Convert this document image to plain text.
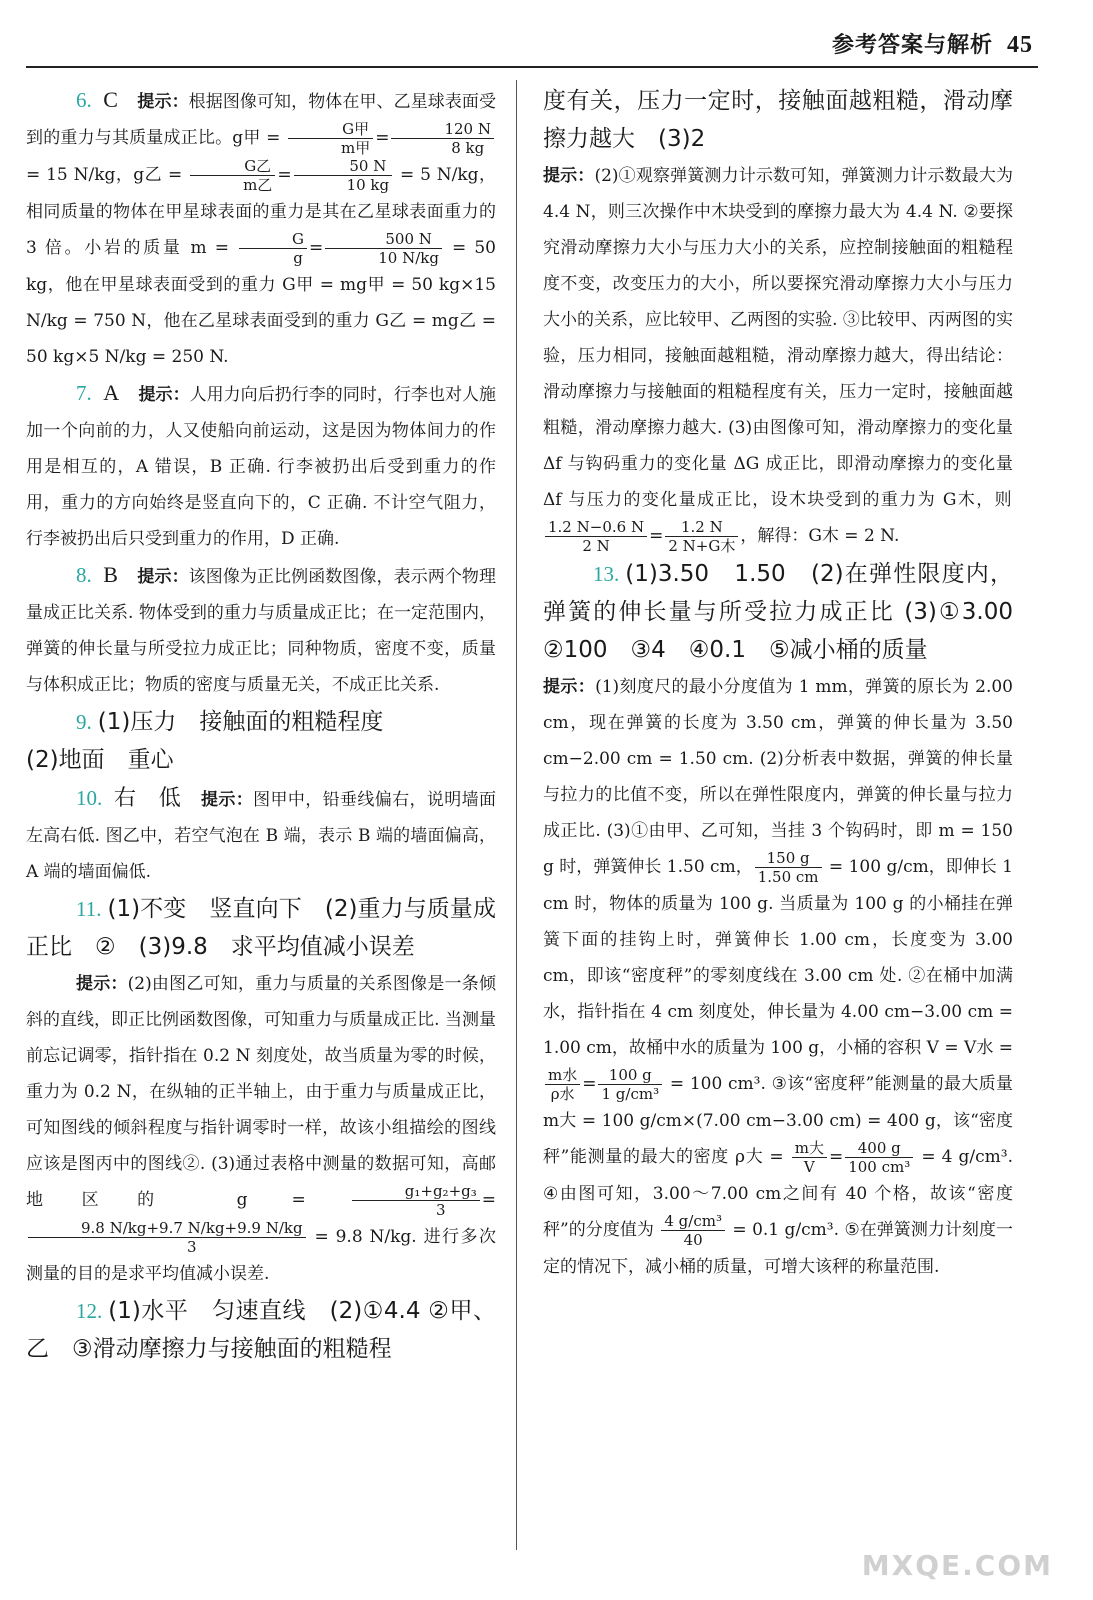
参考答案与解析 45

6. C 提示：根据图像可知，物体在甲、乙星球表面受到的重力与其质量成正比。g甲 = $\frac{\text{G甲}}{\text{m甲}} = \frac{120 N}{8 kg}$
= 15 N/kg，g乙 = $\frac{\text{G乙}}{\text{m乙}} = \frac{50 N}{10 kg} = 5$ N/kg，相同质量的物体在甲星球表面的重力是其在乙星球表面重力的 3 倍。小岩的质量 $m = \frac{G}{g} = \frac{500 N}{10 N/kg} = 50$ kg，他在甲星球表面受到的重力 G甲 = mg甲 = 50 kg×15 N/kg = 750 N，他在乙星球表面受到的重力 G乙 = mg乙 = 50 kg×5 N/kg = 250 N.

7. A 提示：人用力向后扔行李的同时，行李也对人施加一个向前的力，人又使船向前运动，这是因为物体间力的作用是相互的，A 错误，B 正确. 行李被扔出后受到重力的作用，重力的方向始终是竖直向下的，C 正确. 不计空气阻力，行李被扔出后只受到重力的作用，D 正确.

8. B 提示：该图像为正比例函数图像，表示两个物理量成正比关系. 物体受到的重力与质量成正比；在一定范围内，弹簧的伸长量与所受拉力成正比；同种物质，密度不变，质量与体积成正比；物质的密度与质量无关，不成正比关系.

9. (1)压力　接触面的粗糙程度

(2)地面　重心

10. 右　低 提示：图甲中，铅垂线偏右，说明墙面左高右低. 图乙中，若空气泡在 B 端，表示 B 端的墙面偏高，A 端的墙面偏低.

11. (1)不变　竖直向下　(2)重力与质量成正比　②　(3)9.8　求平均值减小误差

提示：(2)由图乙可知，重力与质量的关系图像是一条倾斜的直线，即正比例函数图像，可知重力与质量成正比. 当测量前忘记调零，指针指在 0.2 N 刻度处，故当质量为零的时候，重力为 0.2 N，在纵轴的正半轴上，由于重力与质量成正比，可知图线的倾斜程度与指针调零时一样，故该小组描绘的图线应该是图丙中的图线②. (3)通过表格中测量的数据可知，高邮地区的 $g = \frac{\text{g₁+g₂+g₃}}{3}$ =
$\frac{9.8 N/kg+9.7 N/kg+9.9 N/kg}{3} = 9.8$ N/kg. 进行多次测量的目的是求平均值减小误差.

12. (1)水平　匀速直线　(2)①4.4 ②甲、乙　③滑动摩擦力与接触面的粗糙程

度有关，压力一定时，接触面越粗糙，滑动摩擦力越大　(3)2

提示：(2)①观察弹簧测力计示数可知，弹簧测力计示数最大为 4.4 N，则三次操作中木块受到的摩擦力最大为 4.4 N. ②要探究滑动摩擦力大小与压力大小的关系，应控制接触面的粗糙程度不变，改变压力的大小，所以要探究滑动摩擦力大小与压力大小的关系，应比较甲、乙两图的实验. ③比较甲、丙两图的实验，压力相同，接触面越粗糙，滑动摩擦力越大，得出结论：滑动摩擦力与接触面的粗糙程度有关，压力一定时，接触面越粗糙，滑动摩擦力越大. (3)由图像可知，滑动摩擦力的变化量 Δf 与钩码重力的变化量 ΔG 成正比，即滑动摩擦力的变化量 Δf 与压力的变化量成正比，设木块受到的重力为 G木，则
$\frac{1.2 N-0.6 N}{2 N} = \frac{1.2 N}{\text{2 N+G木}}$ ，解得：G木 = 2 N.

13. (1)3.50　1.50　(2)在弹性限度内，弹簧的伸长量与所受拉力成正比 (3)①3.00　②100　③4　④0.1　⑤减小桶的质量

提示：(1)刻度尺的最小分度值为 1 mm，弹簧的原长为 2.00 cm，现在弹簧的长度为 3.50 cm，弹簧的伸长量为 3.50 cm−2.00 cm = 1.50 cm. (2)分析表中数据，弹簧的伸长量与拉力的比值不变，所以在弹性限度内，弹簧的伸长量与拉力成正比. (3)①由甲、乙可知，当挂 3 个钩码时，即 m = 150 g 时，弹簧伸长 1.50 cm， $\frac{150 g}{1.50 cm} = 100$ g/cm，即伸长 1 cm 时，物体的质量为 100 g. 当质量为 100 g 的小桶挂在弹簧下面的挂钩上时，弹簧伸长 1.00 cm，长度变为 3.00 cm，即该“密度秤”的零刻度线在 3.00 cm 处. ②在桶中加满水，指针指在 4 cm 刻度处，伸长量为 4.00 cm−3.00 cm = 1.00 cm，故桶中水的质量为 100 g，小桶的容积 V = V水 =
$\frac{\text{m水}}{\text{ρ水}} = \frac{100 g}{\text{1 g/cm³}} = 100$ cm³. ③该“密度秤”能测量的最大质量 m大 = 100 g/cm×(7.00 cm−3.00 cm) = 400 g，该“密度秤”能测量的最大的密度 ρ大 = $\frac{\text{m大}}{V} = \frac{400 g}{\text{100 cm³}} = 4$ g/cm³. ④由图可知，3.00～7.00 cm之间有 40 个格，故该“密度秤”的分度值为 $\frac{\text{4 g/cm³}}{40} = 0.1$ g/cm³. ⑤在弹簧测力计刻度一定的情况下，减小桶的质量，可增大该秤的称量范围.

MXQE.COM
